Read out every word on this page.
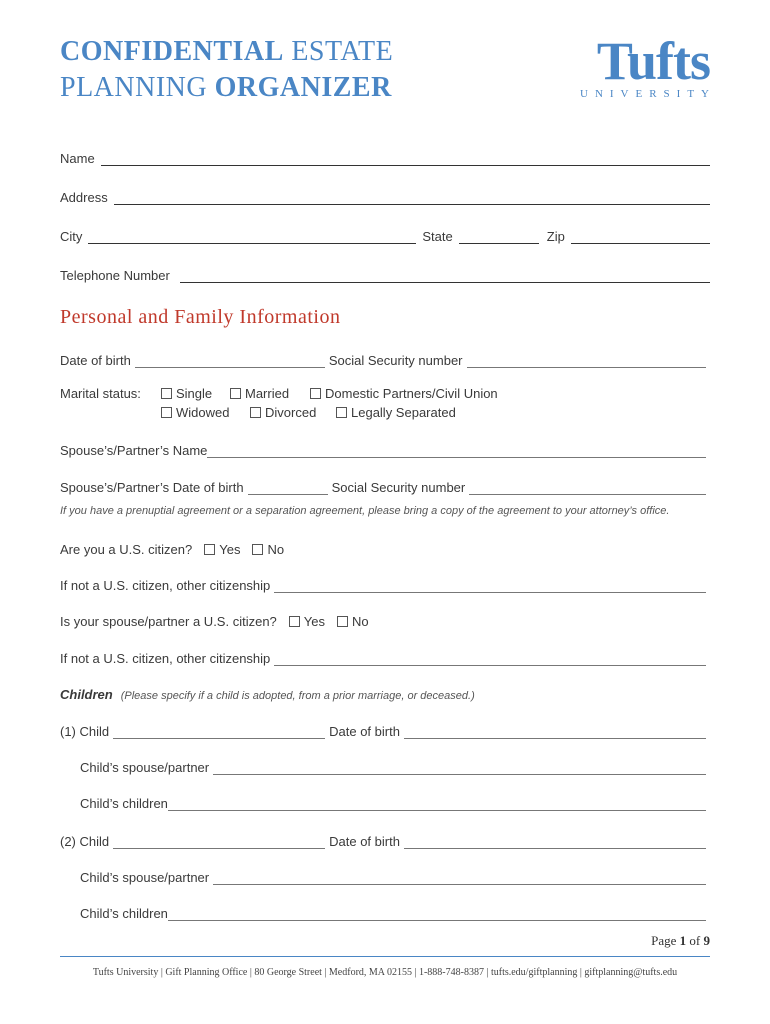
CONFIDENTIAL ESTATE
PLANNING ORGANIZER	Tufts
UNIVERSITY
Name
Address
City	State	Zip
Telephone Number
Personal and Family Information
Date of birth	Social Security number
Marital status:	Single	Married	Domestic Partners/Civil Union
Widowed	Divorced	Legally Separated
Spouse’s/Partner’s Name
Spouse’s/Partner’s Date of birth	Social Security number
If you have a prenuptial agreement or a separation agreement, please bring a copy of the agreement to your attorney’s office.
Are you a U.S. citizen?	Yes	No
If not a U.S. citizen, other citizenship
Is your spouse/partner a U.S. citizen?	Yes	No
If not a U.S. citizen, other citizenship
Children (Please specify if a child is adopted, from a prior marriage, or deceased.)
(1) Child	Date of birth
Child’s spouse/partner
Child’s children
(2) Child	Date of birth
Child’s spouse/partner
Child’s children
Page 1 of 9
Tufts University | Gift Planning Office | 80 George Street | Medford, MA 02155 | 1-888-748-8387 | tufts.edu/giftplanning | giftplanning@tufts.edu
